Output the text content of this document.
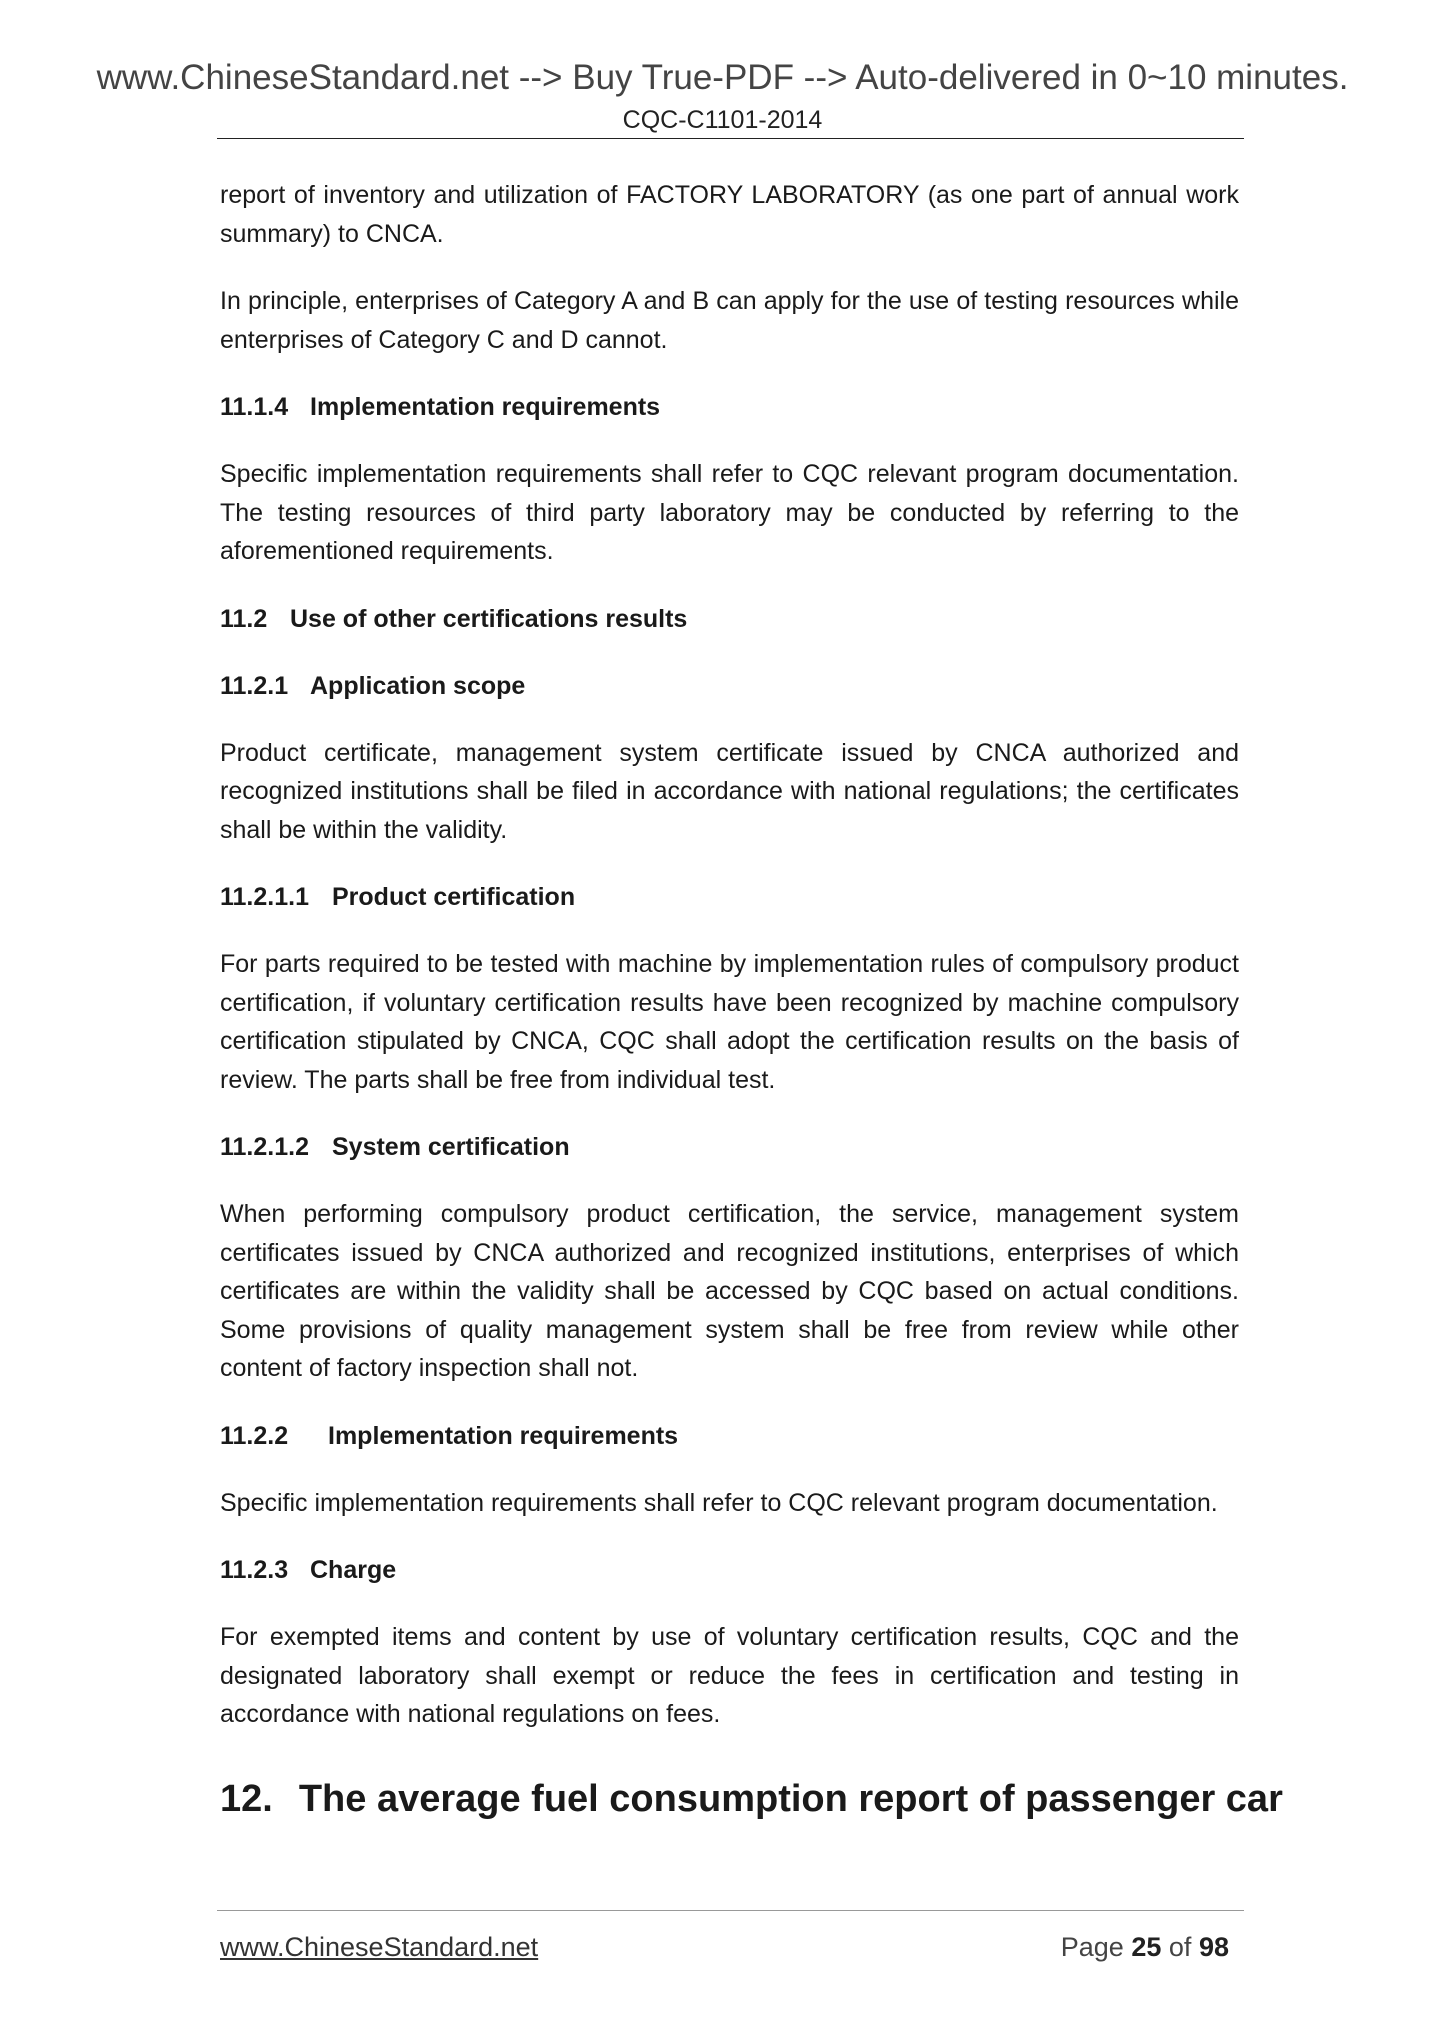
www.ChineseStandard.net --> Buy True-PDF --> Auto-delivered in 0~10 minutes.
CQC-C1101-2014

report of inventory and utilization of FACTORY LABORATORY (as one part of annual work summary) to CNCA.

In principle, enterprises of Category A and B can apply for the use of testing resources while enterprises of Category C and D cannot.

11.1.4 Implementation requirements

Specific implementation requirements shall refer to CQC relevant program documentation. The testing resources of third party laboratory may be conducted by referring to the aforementioned requirements.

11.2 Use of other certifications results
11.2.1 Application scope

Product certificate, management system certificate issued by CNCA authorized and recognized institutions shall be filed in accordance with national regulations; the certificates shall be within the validity.

11.2.1.1 Product certification

For parts required to be tested with machine by implementation rules of compulsory product certification, if voluntary certification results have been recognized by machine compulsory certification stipulated by CNCA, CQC shall adopt the certification results on the basis of review. The parts shall be free from individual test.

11.2.1.2 System certification

When performing compulsory product certification, the service, management system certificates issued by CNCA authorized and recognized institutions, enterprises of which certificates are within the validity shall be accessed by CQC based on actual conditions. Some provisions of quality management system shall be free from review while other content of factory inspection shall not.

11.2.2 Implementation requirements

Specific implementation requirements shall refer to CQC relevant program documentation.

11.2.3 Charge

For exempted items and content by use of voluntary certification results, CQC and the designated laboratory shall exempt or reduce the fees in certification and testing in accordance with national regulations on fees.

12. The average fuel consumption report of passenger car
www.ChineseStandard.net	Page 25 of 98
